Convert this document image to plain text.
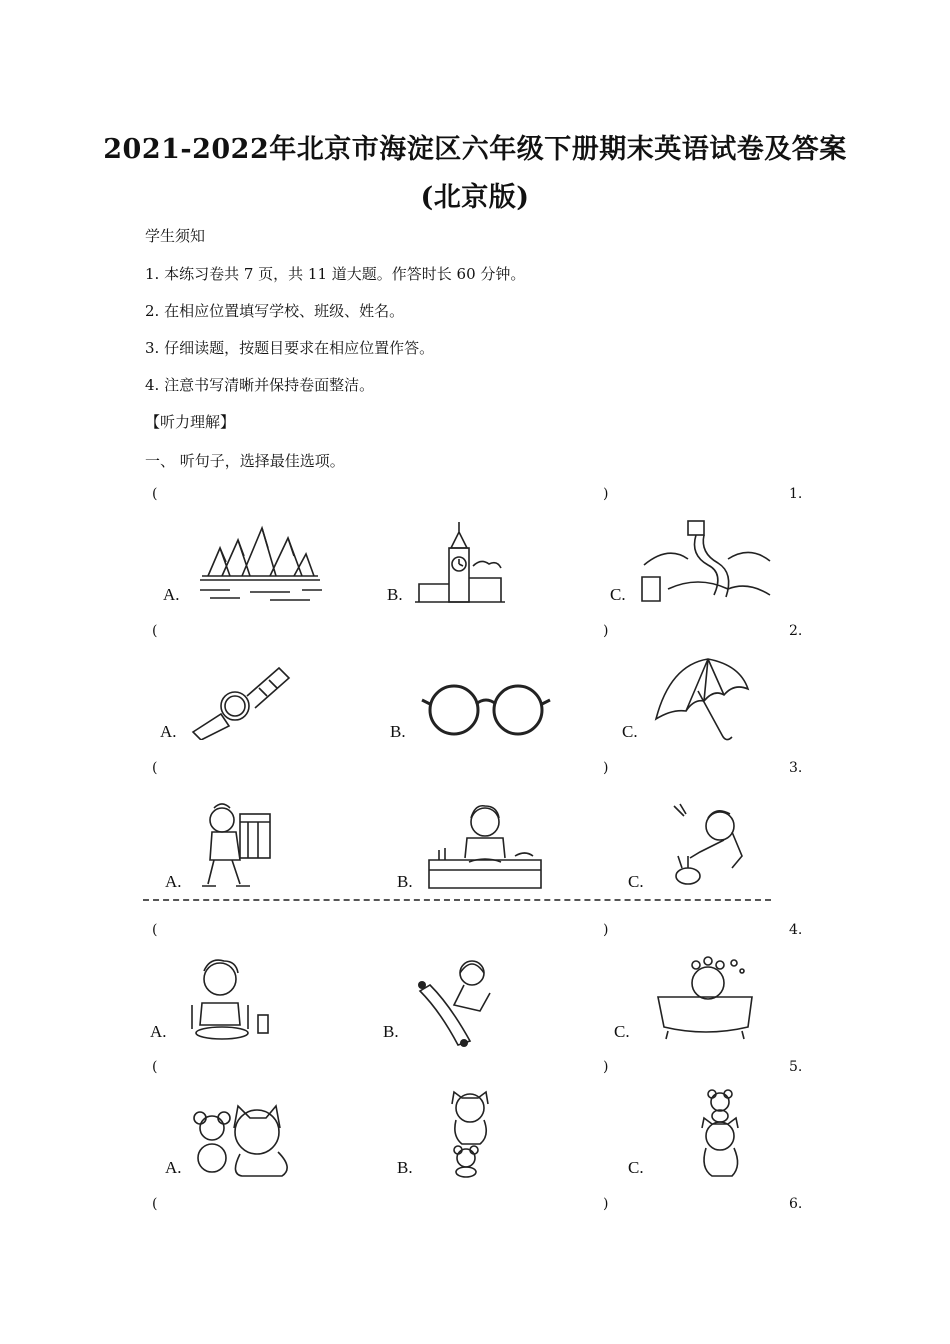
2021-2022年北京市海淀区六年级下册期末英语试卷及答案
(北京版)
学生须知
1. 本练习卷共 7 页，共 11 道大题。作答时长 60 分钟。
2. 在相应位置填写学校、班级、姓名。
3. 仔细读题，按题目要求在相应位置作答。
4. 注意书写清晰并保持卷面整洁。
【听力理解】
一、 听句子，选择最佳选项。
(	)	1.
A.	B.	C.
(	)	2.
A.	B.	C.
(	)	3.
A.	B.	C.
(	)	4.
A.	B.	C.
(	)	5.
A.	B.	C.
(	)	6.
